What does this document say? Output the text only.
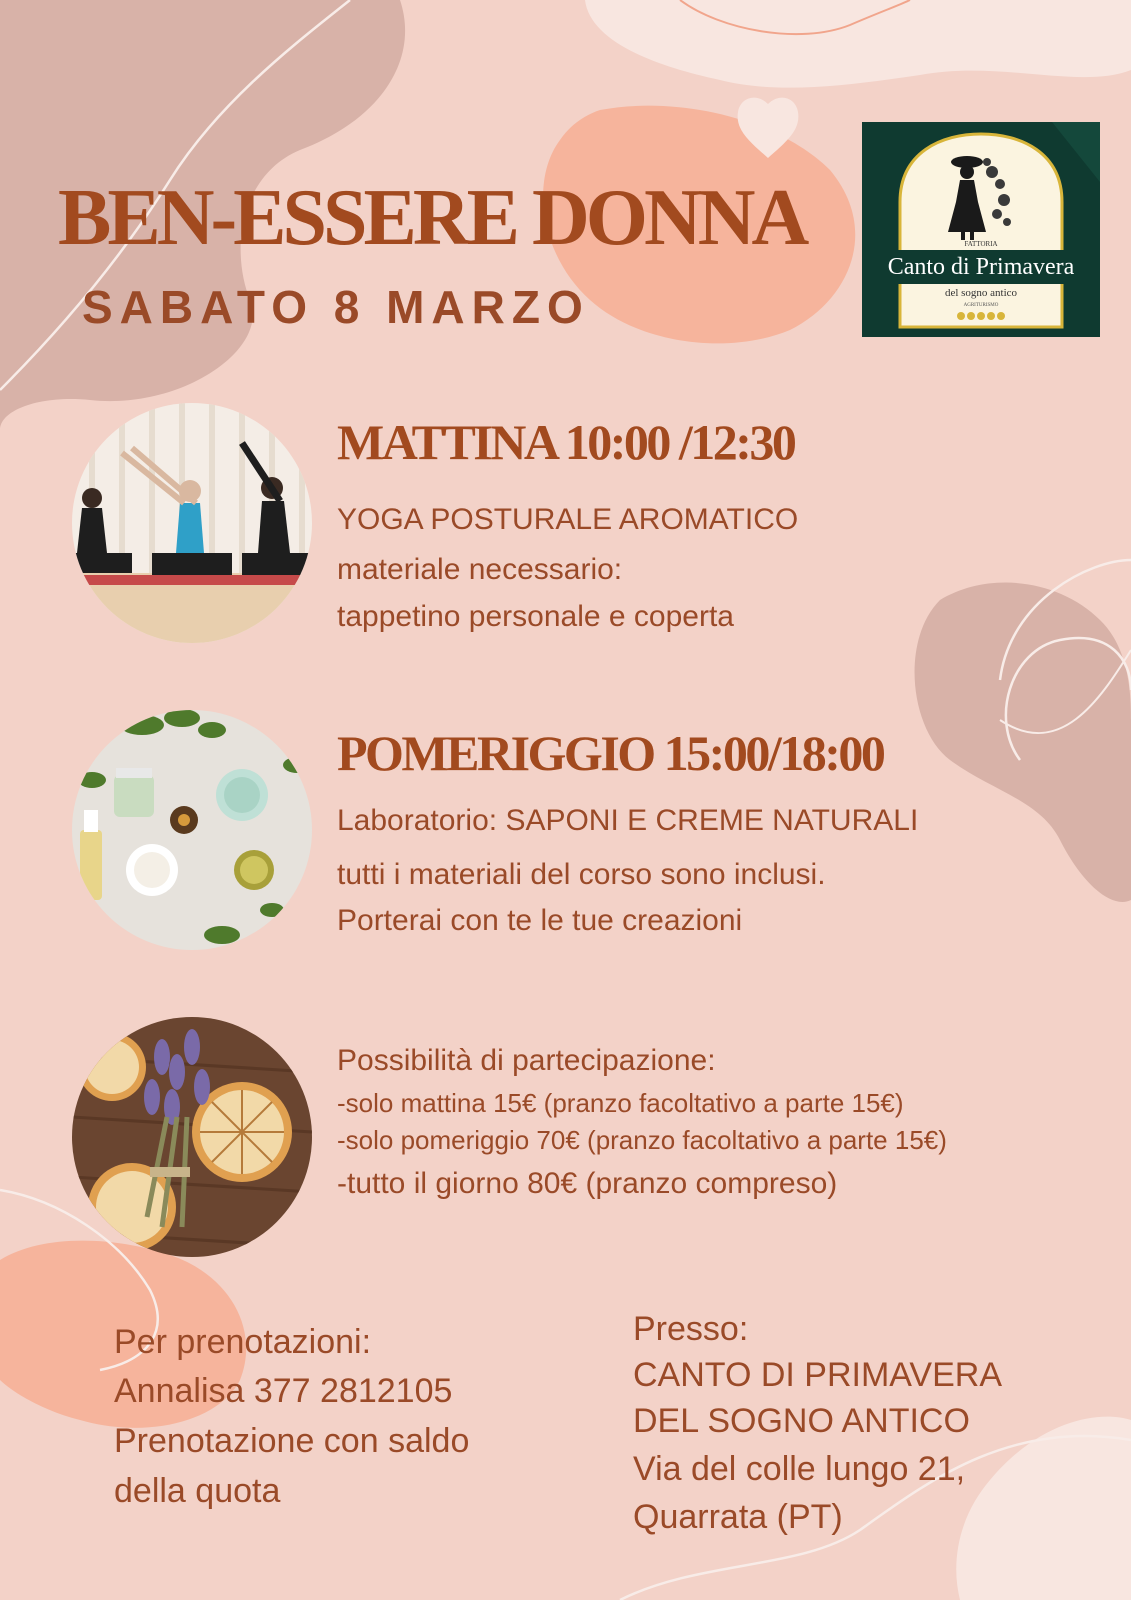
BEN-ESSERE DONNA
SABATO 8 MARZO
FATTORIA
Canto di Primavera
del sogno antico
AGRITURISMO
MATTINA 10:00 /12:30
YOGA POSTURALE AROMATICO
materiale necessario:
tappetino personale e coperta
POMERIGGIO 15:00/18:00
Laboratorio: SAPONI E CREME NATURALI
tutti i materiali del corso sono inclusi.
Porterai con te le tue creazioni
Possibilità di partecipazione:
-solo mattina 15€ (pranzo facoltativo a parte 15€)
-solo pomeriggio 70€ (pranzo facoltativo a parte 15€)
-tutto il giorno 80€ (pranzo compreso)
Per prenotazioni:
Annalisa 377 2812105
Prenotazione con saldo
della quota
Presso:
CANTO DI PRIMAVERA
DEL SOGNO ANTICO
Via del colle lungo 21,
Quarrata (PT)
